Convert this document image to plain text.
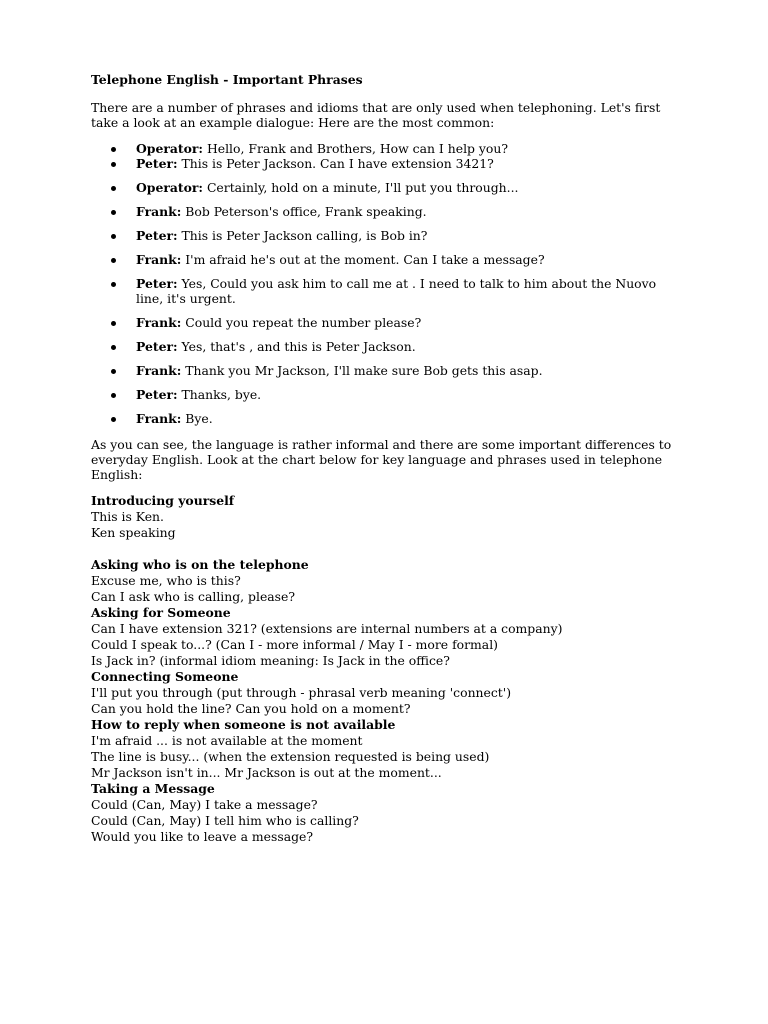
Telephone English - Important Phrases
There are a number of phrases and idioms that are only used when telephoning. Let's first take a look at an example dialogue: Here are the most common:
Operator: Hello, Frank and Brothers, How can I help you?
Peter: This is Peter Jackson. Can I have extension 3421?
Operator: Certainly, hold on a minute, I'll put you through...
Frank: Bob Peterson's office, Frank speaking.
Peter: This is Peter Jackson calling, is Bob in?
Frank: I'm afraid he's out at the moment. Can I take a message?
Peter: Yes, Could you ask him to call me at . I need to talk to him about the Nuovo line, it's urgent.
Frank: Could you repeat the number please?
Peter: Yes, that's , and this is Peter Jackson.
Frank: Thank you Mr Jackson, I'll make sure Bob gets this asap.
Peter: Thanks, bye.
Frank: Bye.
As you can see, the language is rather informal and there are some important differences to everyday English. Look at the chart below for key language and phrases used in telephone English:
Introducing yourself

This is Ken.

Ken speaking

Asking who is on the telephone

Excuse me, who is this?

Can I ask who is calling, please?

Asking for Someone

Can I have extension 321? (extensions are internal numbers at a company)

Could I speak to...? (Can I - more informal / May I - more formal)

Is Jack in? (informal idiom meaning: Is Jack in the office?

Connecting Someone

I'll put you through (put through - phrasal verb meaning 'connect')

Can you hold the line? Can you hold on a moment?

How to reply when someone is not available

I'm afraid ... is not available at the moment

The line is busy... (when the extension requested is being used)

Mr Jackson isn't in... Mr Jackson is out at the moment...

Taking a Message

Could (Can, May) I take a message?

Could (Can, May) I tell him who is calling?

Would you like to leave a message?
